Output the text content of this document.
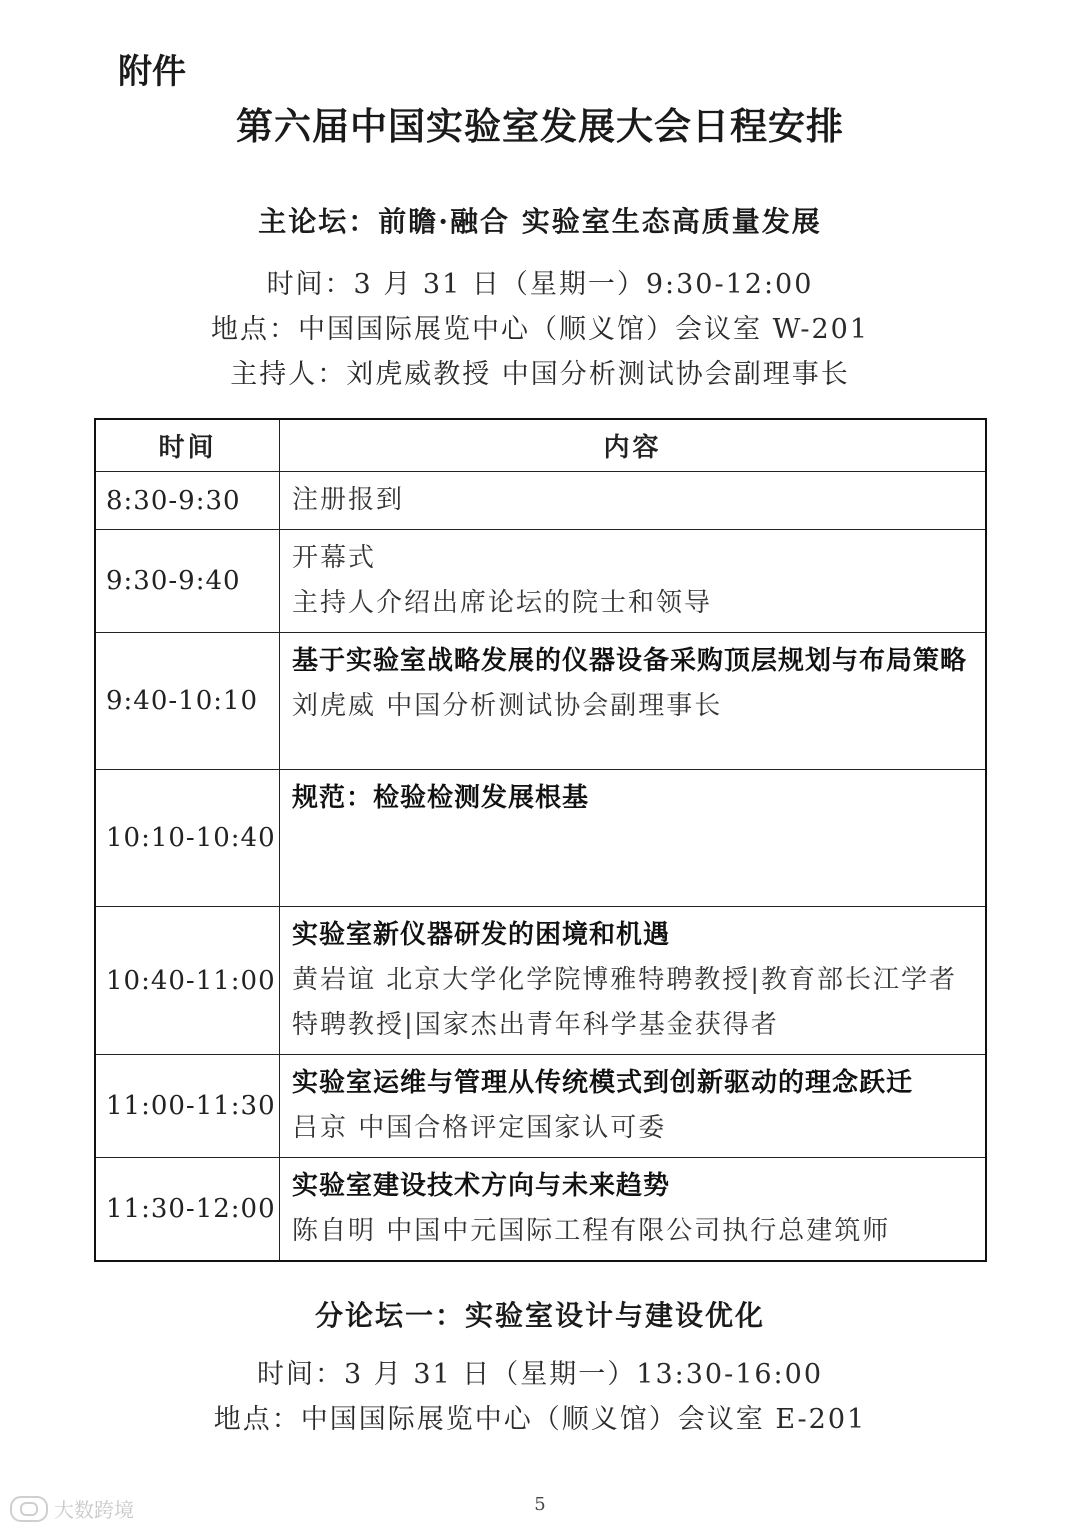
附件
第六届中国实验室发展大会日程安排
主论坛：前瞻·融合 实验室生态高质量发展
时间：3 月 31 日（星期一）9:30-12:00
地点：中国国际展览中心（顺义馆）会议室 W-201
主持人：刘虎威教授 中国分析测试协会副理事长
时间	内容
8:30-9:30	注册报到

9:30-9:40	开幕式
主持人介绍出席论坛的院士和领导

9:40-10:10	基于实验室战略发展的仪器设备采购顶层规划与布局策略
刘虎威 中国分析测试协会副理事长

10:10-10:40	规范：检验检测发展根基

10:40-11:00	实验室新仪器研发的困境和机遇
黄岩谊 北京大学化学院博雅特聘教授|教育部长江学者特聘教授|国家杰出青年科学基金获得者

11:00-11:30	实验室运维与管理从传统模式到创新驱动的理念跃迁
吕京 中国合格评定国家认可委

11:30-12:00	实验室建设技术方向与未来趋势
陈自明 中国中元国际工程有限公司执行总建筑师
分论坛一：实验室设计与建设优化
时间：3 月 31 日（星期一）13:30-16:00
地点：中国国际展览中心（顺义馆）会议室 E-201
大数跨境	5
